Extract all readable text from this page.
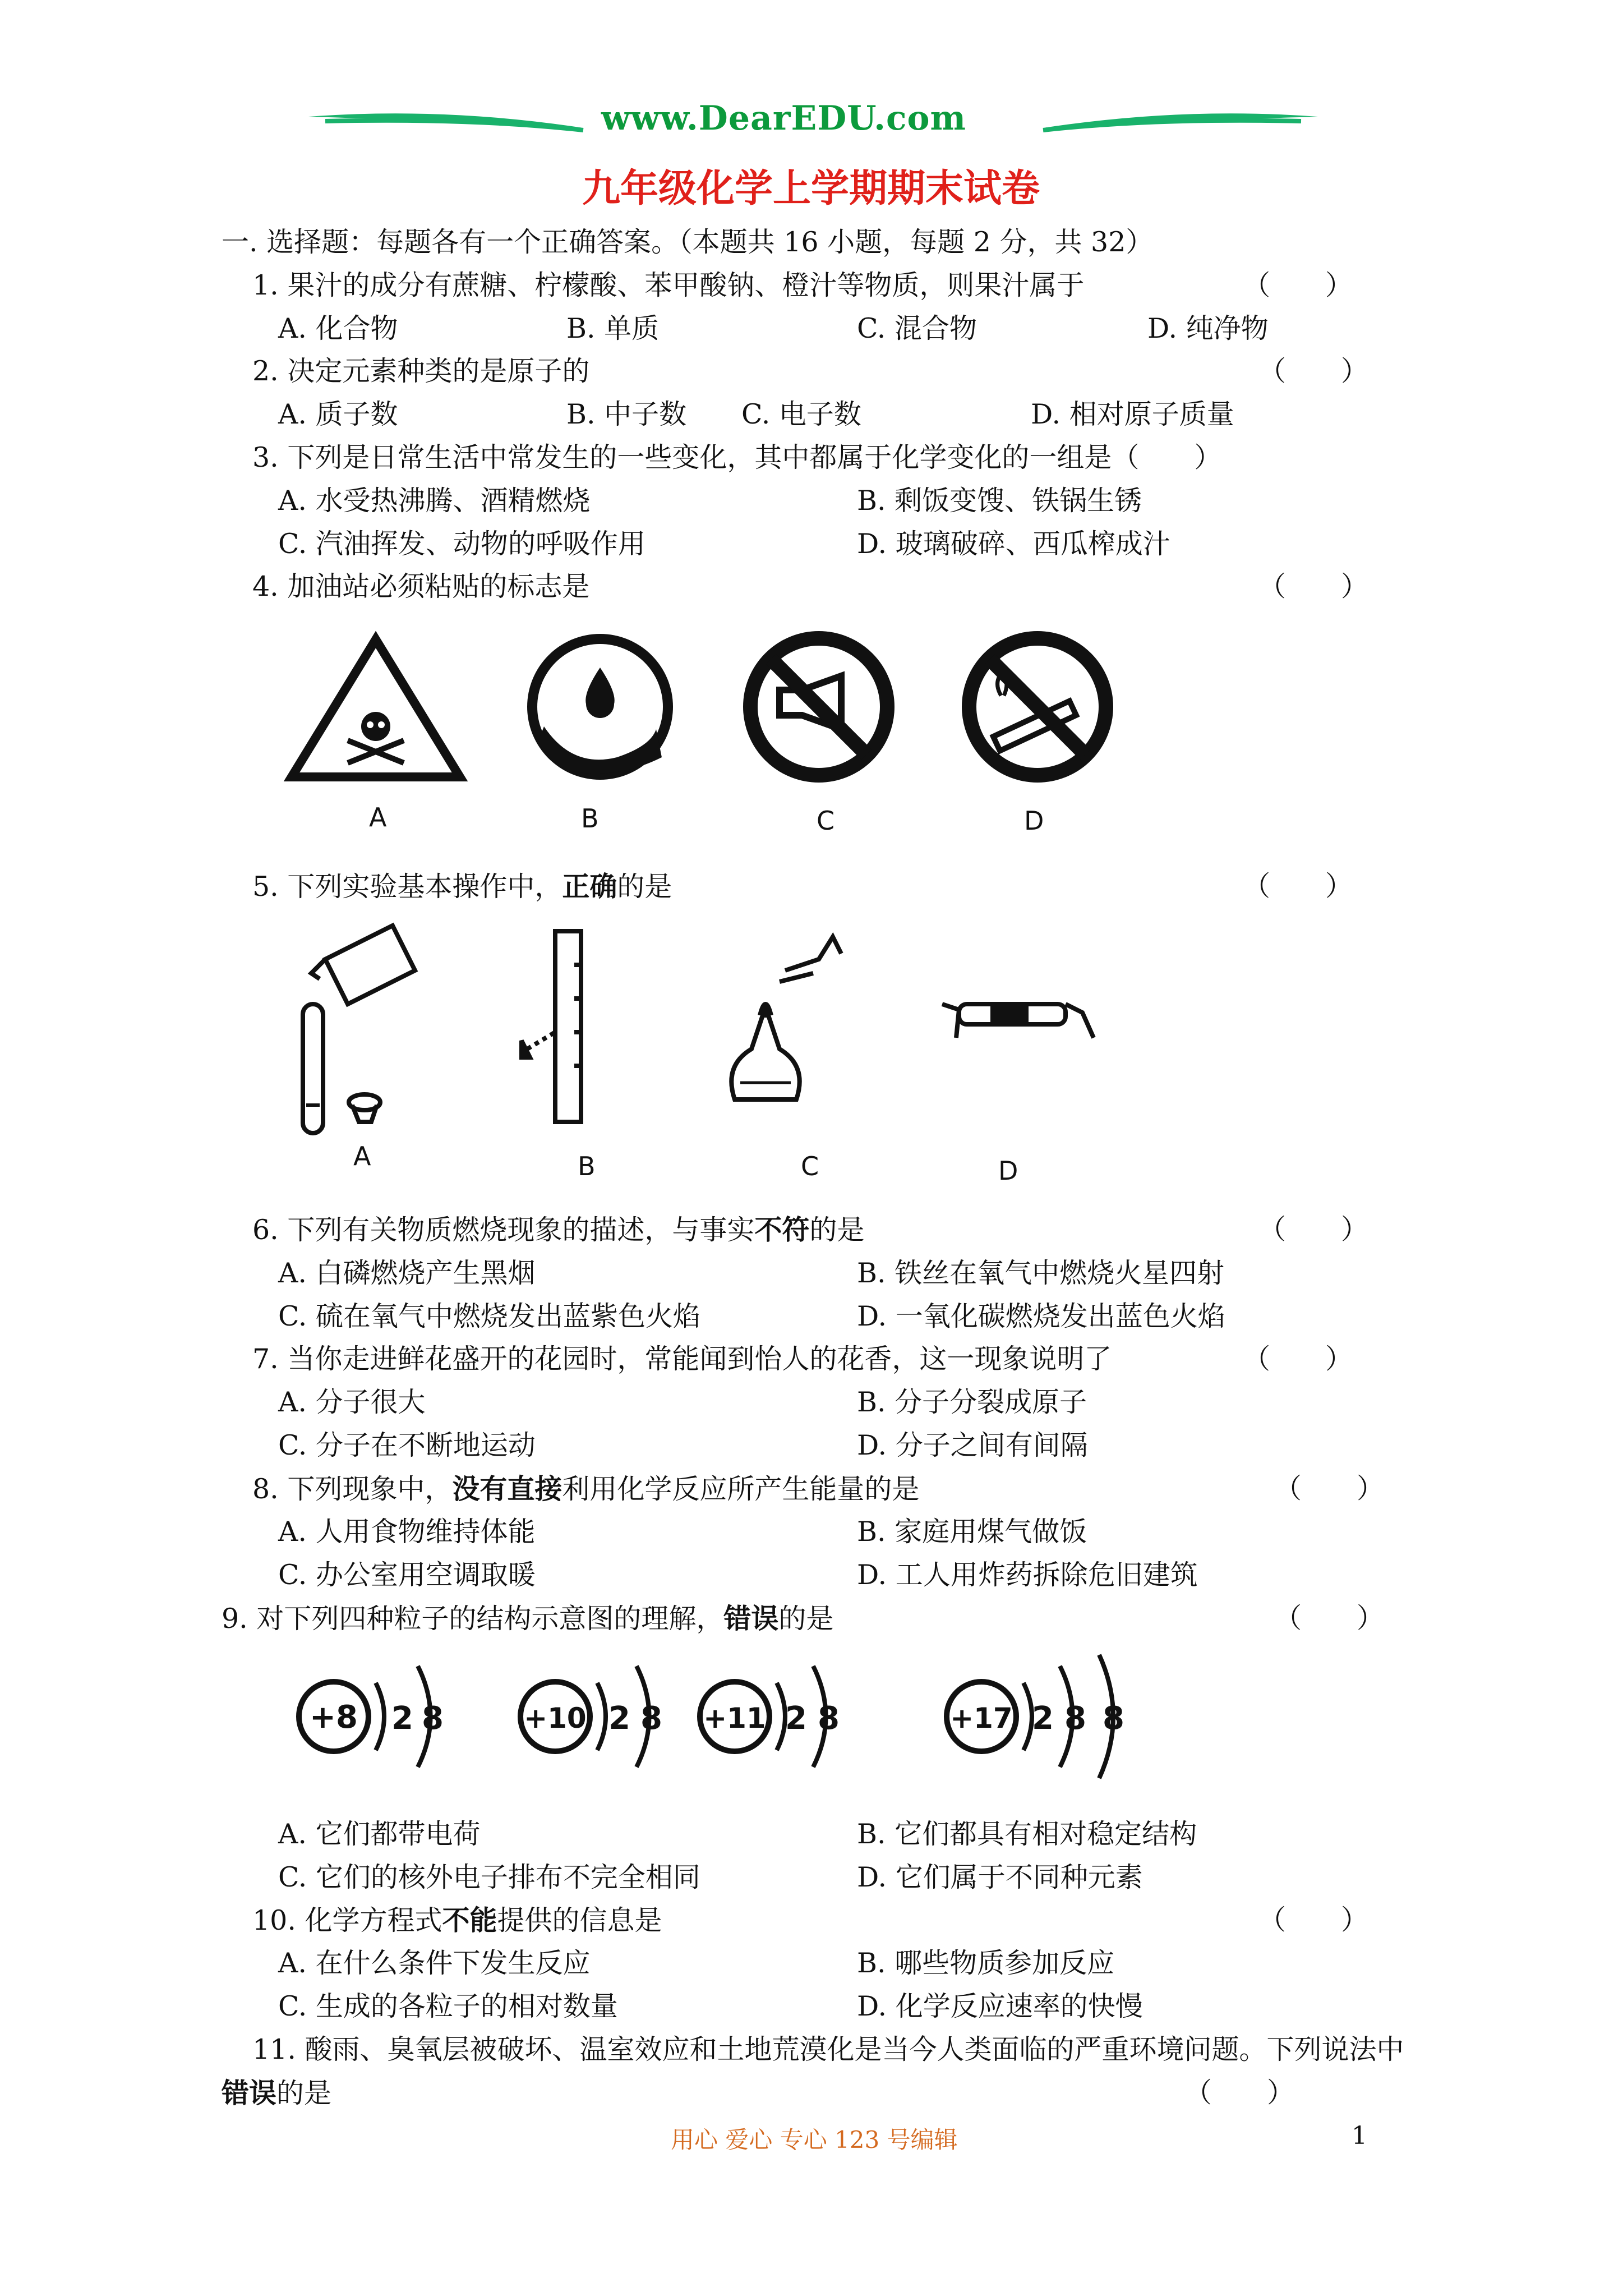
www.DearEDU.com
九年级化学上学期期末试卷
一. 选择题：每题各有一个正确答案。（本题共 16 小题，每题 2 分，共 32）
1. 果汁的成分有蔗糖、柠檬酸、苯甲酸钠、橙汁等物质，则果汁属于	（　　）
A. 化合物	B. 单质	C. 混合物	D. 纯净物
2. 决定元素种类的是原子的	（　　）
A. 质子数	B. 中子数 C. 电子数	D. 相对原子质量
3. 下列是日常生活中常发生的一些变化，其中都属于化学变化的一组是（　　）
A. 水受热沸腾、酒精燃烧	B. 剩饭变馊、铁锅生锈
C. 汽油挥发、动物的呼吸作用	D. 玻璃破碎、西瓜榨成汁
4. 加油站必须粘贴的标志是	（　　）
A	B	C	D
5. 下列实验基本操作中，正确的是	（　　）
A	B	C	D
6. 下列有关物质燃烧现象的描述，与事实不符的是	（　　）
A. 白磷燃烧产生黑烟	B. 铁丝在氧气中燃烧火星四射
C. 硫在氧气中燃烧发出蓝紫色火焰	D. 一氧化碳燃烧发出蓝色火焰
7. 当你走进鲜花盛开的花园时，常能闻到怡人的花香，这一现象说明了	（　　）
A. 分子很大	B. 分子分裂成原子
C. 分子在不断地运动	D. 分子之间有间隔
8. 下列现象中，没有直接利用化学反应所产生能量的是	（　　）
A. 人用食物维持体能	B. 家庭用煤气做饭
C. 办公室用空调取暖	D. 工人用炸药拆除危旧建筑
9. 对下列四种粒子的结构示意图的理解，错误的是	（　　）
+8 2 8	+10 2 8 +11 2 8	+17 2 8 8
A. 它们都带电荷	B. 它们都具有相对稳定结构
C. 它们的核外电子排布不完全相同	D. 它们属于不同种元素
10. 化学方程式不能提供的信息是	（　　）
A. 在什么条件下发生反应	B. 哪些物质参加反应
C. 生成的各粒子的相对数量	D. 化学反应速率的快慢
11. 酸雨、臭氧层被破坏、温室效应和土地荒漠化是当今人类面临的严重环境问题。下列说法中
错误的是	（　　）
用心 爱心 专心 123 号编辑	1
